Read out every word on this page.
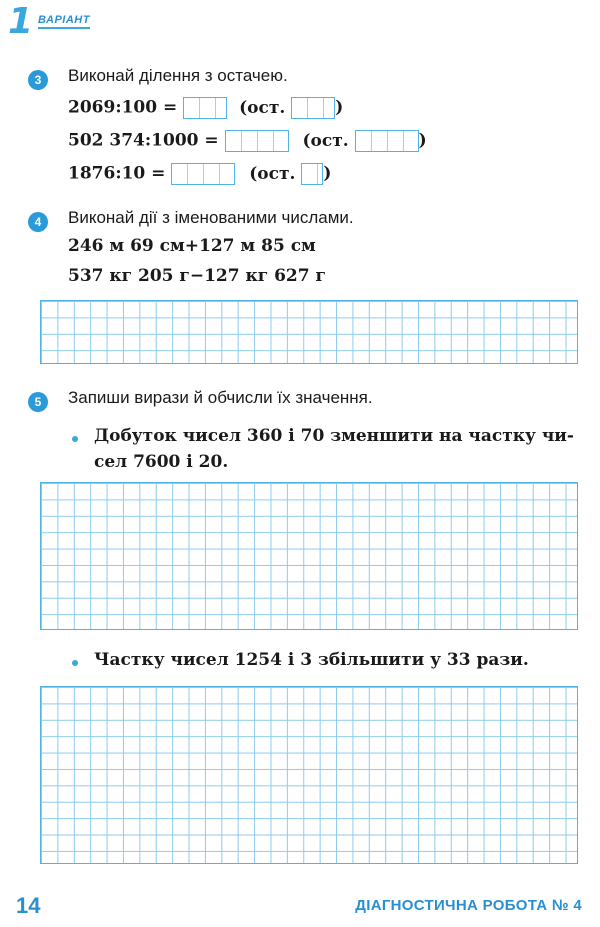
1 ВАРІАНТ
3	Виконай ділення з остачею.
2069:100 =	(ост.	)
502 374:1000 =	(ост.	)
1876:10 =	(ост. )
4	Виконай дії з іменованими числами.
246 м 69 см+127 м 85 см
537 кг 205 г−127 кг 627 г
5	Запиши вирази й обчисли їх значення.
Добуток чисел 360 і 70 зменшити на частку чи-
сел 7600 і 20.
Частку чисел 1254 і 3 збільшити у 33 рази.
14	ДІАГНОСТИЧНА РОБОТА № 4
